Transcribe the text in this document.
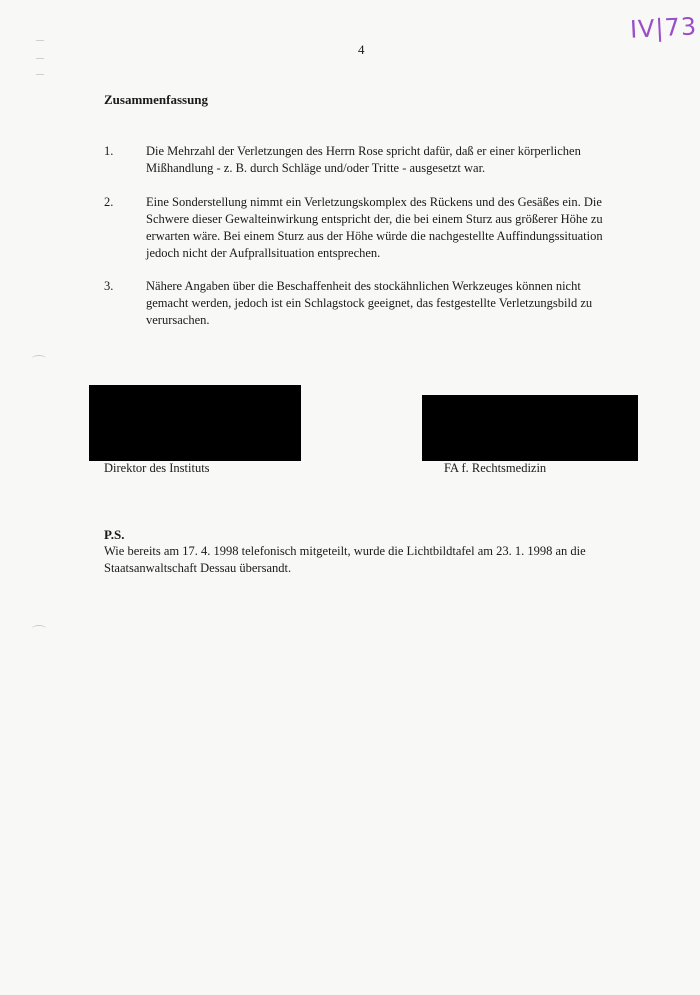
4
IV|73
Zusammenfassung
1.	Die Mehrzahl der Verletzungen des Herrn Rose spricht dafür, daß er einer körperlichen Mißhandlung - z. B. durch Schläge und/oder Tritte - ausgesetzt war.
2.	Eine Sonderstellung nimmt ein Verletzungskomplex des Rückens und des Gesäßes ein. Die Schwere dieser Gewalteinwirkung entspricht der, die bei einem Sturz aus größerer Höhe zu erwarten wäre. Bei einem Sturz aus der Höhe würde die nachgestellte Auffindungssituation jedoch nicht der Aufprallsituation entsprechen.
3.	Nähere Angaben über die Beschaffenheit des stockähnlichen Werkzeuges können nicht gemacht werden, jedoch ist ein Schlagstock geeignet, das festgestellte Verletzungsbild zu verursachen.
Direktor des Instituts	FA f. Rechtsmedizin
P.S.
Wie bereits am 17. 4. 1998 telefonisch mitgeteilt, wurde die Lichtbildtafel am 23. 1. 1998 an die Staatsanwaltschaft Dessau übersandt.
